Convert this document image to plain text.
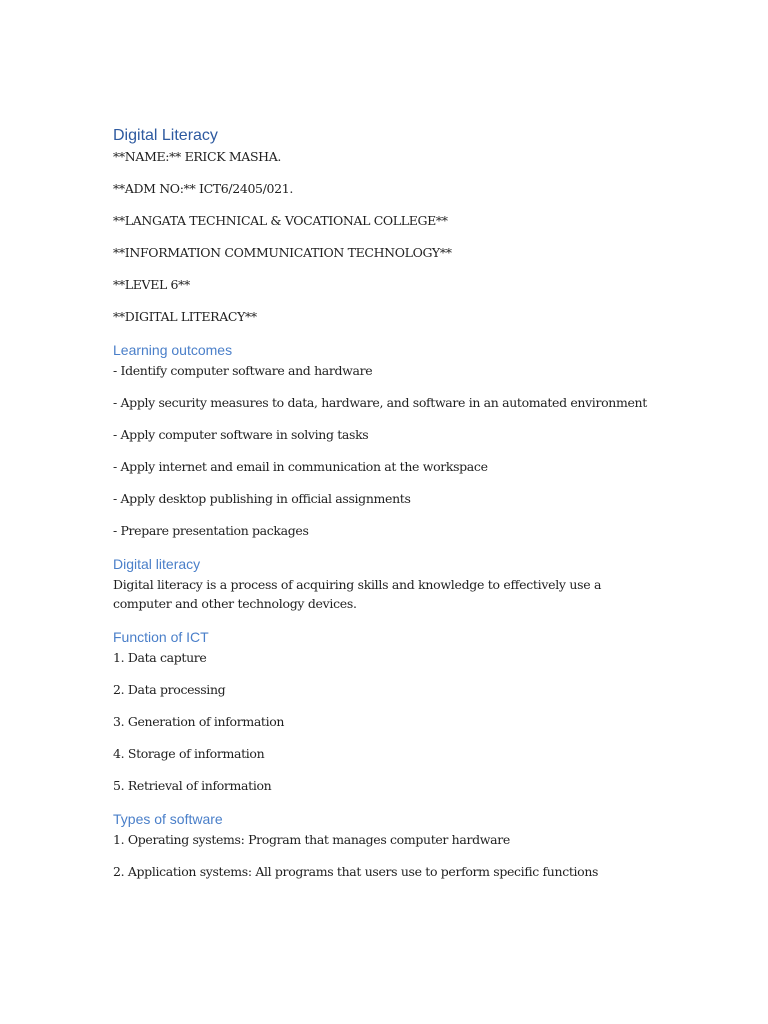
Digital Literacy

**NAME:** ERICK MASHA.

**ADM NO:** ICT6/2405/021.

**LANGATA TECHNICAL & VOCATIONAL COLLEGE**

**INFORMATION COMMUNICATION TECHNOLOGY**

**LEVEL 6**

**DIGITAL LITERACY**

Learning outcomes

- Identify computer software and hardware

- Apply security measures to data, hardware, and software in an automated environment

- Apply computer software in solving tasks

- Apply internet and email in communication at the workspace

- Apply desktop publishing in official assignments

- Prepare presentation packages

Digital literacy

Digital literacy is a process of acquiring skills and knowledge to effectively use a computer and other technology devices.

Function of ICT

1. Data capture

2. Data processing

3. Generation of information

4. Storage of information

5. Retrieval of information

Types of software

1. Operating systems: Program that manages computer hardware

2. Application systems: All programs that users use to perform specific functions
